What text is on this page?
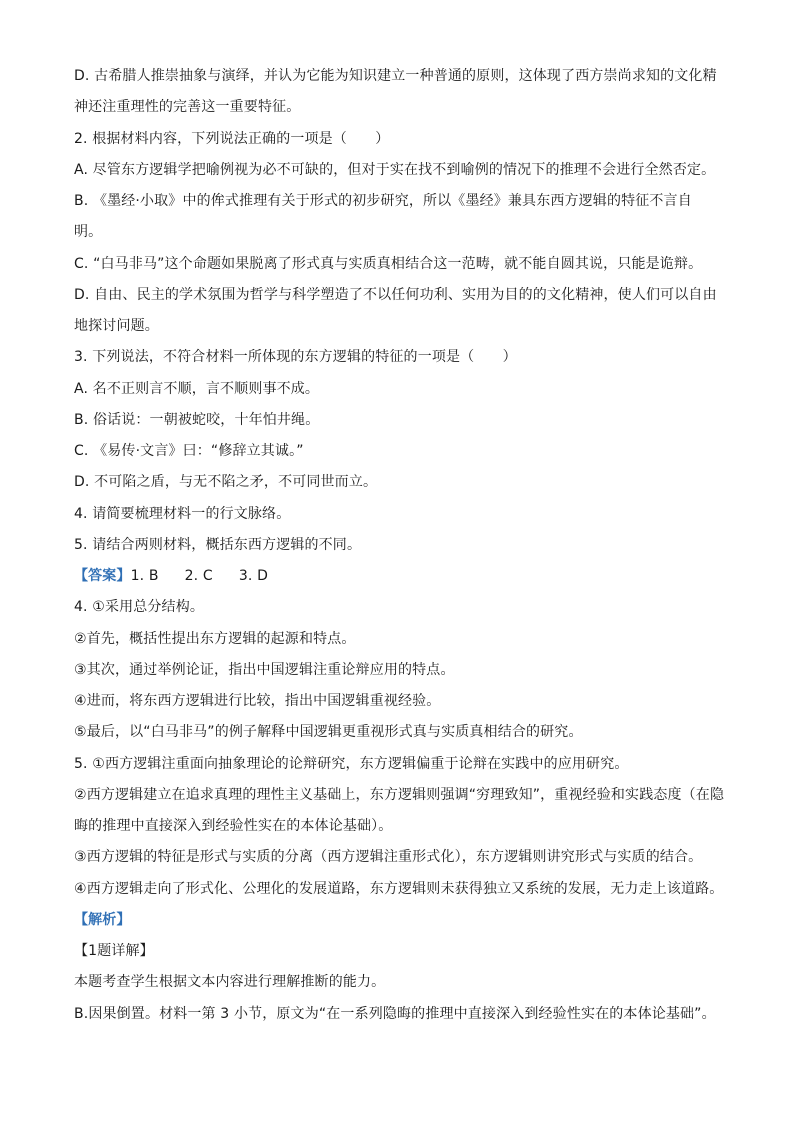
D. 古希腊人推崇抽象与演绎，并认为它能为知识建立一种普通的原则，这体现了西方崇尚求知的文化精
神还注重理性的完善这一重要特征。
2. 根据材料内容，下列说法正确的一项是（　　）
A. 尽管东方逻辑学把喻例视为必不可缺的，但对于实在找不到喻例的情况下的推理不会进行全然否定。
B. 《墨经·小取》中的侔式推理有关于形式的初步研究，所以《墨经》兼具东西方逻辑的特征不言自
明。
C. “白马非马”这个命题如果脱离了形式真与实质真相结合这一范畴，就不能自圆其说，只能是诡辩。
D. 自由、民主的学术氛围为哲学与科学塑造了不以任何功利、实用为目的的文化精神，使人们可以自由
地探讨问题。
3. 下列说法，不符合材料一所体现的东方逻辑的特征的一项是（　　）
A. 名不正则言不顺，言不顺则事不成。
B. 俗话说：一朝被蛇咬，十年怕井绳。
C. 《易传·文言》曰：“修辞立其诚。”
D. 不可陷之盾，与无不陷之矛，不可同世而立。
4. 请简要梳理材料一的行文脉络。
5. 请结合两则材料，概括东西方逻辑的不同。
【答案】1. B 2. C 3. D
4. ①采用总分结构。
②首先，概括性提出东方逻辑的起源和特点。
③其次，通过举例论证，指出中国逻辑注重论辩应用的特点。
④进而，将东西方逻辑进行比较，指出中国逻辑重视经验。
⑤最后，以“白马非马”的例子解释中国逻辑更重视形式真与实质真相结合的研究。
5. ①西方逻辑注重面向抽象理论的论辩研究，东方逻辑偏重于论辩在实践中的应用研究。
②西方逻辑建立在追求真理的理性主义基础上，东方逻辑则强调“穷理致知”，重视经验和实践态度（在隐
晦的推理中直接深入到经验性实在的本体论基础）。
③西方逻辑的特征是形式与实质的分离（西方逻辑注重形式化），东方逻辑则讲究形式与实质的结合。
④西方逻辑走向了形式化、公理化的发展道路，东方逻辑则未获得独立又系统的发展，无力走上该道路。
【解析】
【1题详解】
本题考查学生根据文本内容进行理解推断的能力。
B.因果倒置。材料一第 3 小节，原文为“在一系列隐晦的推理中直接深入到经验性实在的本体论基础”。
